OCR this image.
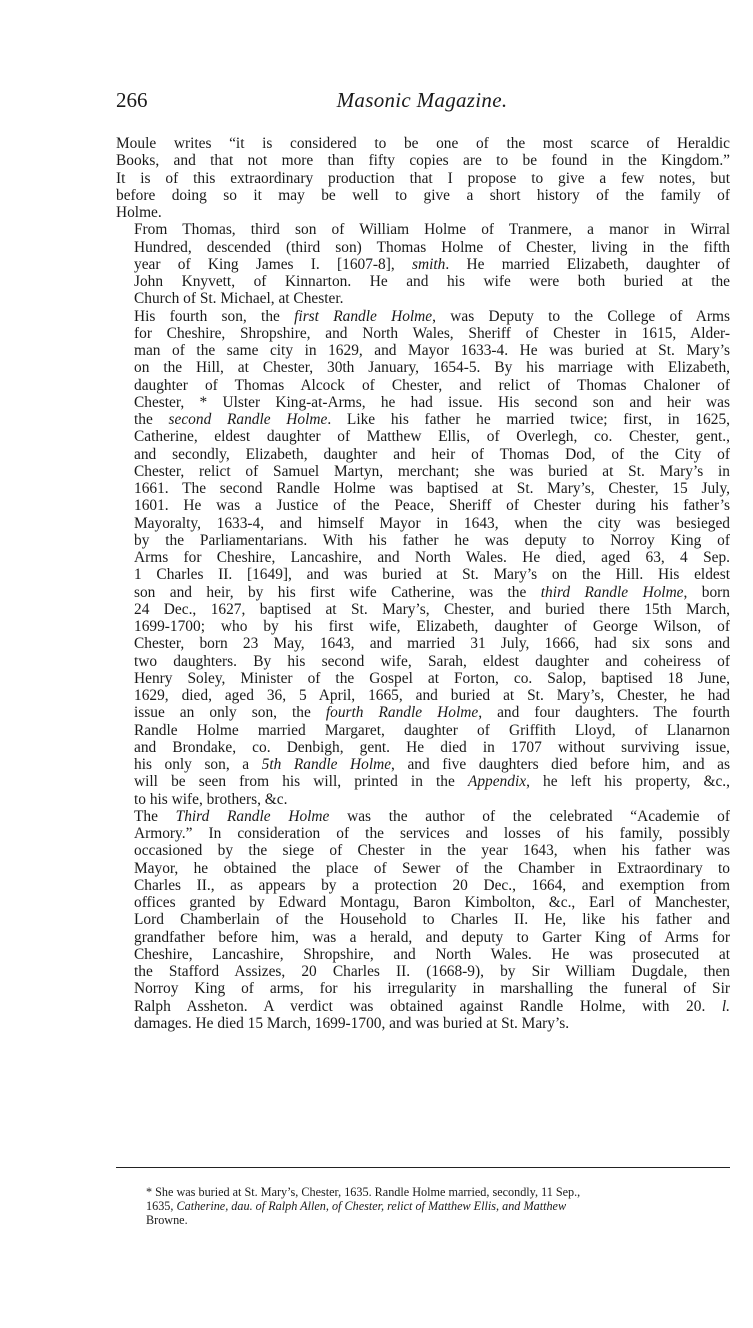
266	Masonic Magazine.

Moule writes “it is considered to be one of the most scarce of Heraldic
Books, and that not more than fifty copies are to be found in the Kingdom.”
It is of this extraordinary production that I propose to give a few notes, but
before doing so it may be well to give a short history of the family of
Holme.

From Thomas, third son of William Holme of Tranmere, a manor in Wirral
Hundred, descended (third son) Thomas Holme of Chester, living in the fifth
year of King James I. [1607-8], smith. He married Elizabeth, daughter of
John Knyvett, of Kinnarton. He and his wife were both buried at the
Church of St. Michael, at Chester.

His fourth son, the first Randle Holme, was Deputy to the College of Arms
for Cheshire, Shropshire, and North Wales, Sheriff of Chester in 1615, Alder-
man of the same city in 1629, and Mayor 1633-4. He was buried at St. Mary’s
on the Hill, at Chester, 30th January, 1654-5. By his marriage with Elizabeth,
daughter of Thomas Alcock of Chester, and relict of Thomas Chaloner of
Chester, * Ulster King-at-Arms, he had issue. His second son and heir was
the second Randle Holme. Like his father he married twice; first, in 1625,
Catherine, eldest daughter of Matthew Ellis, of Overlegh, co. Chester, gent.,
and secondly, Elizabeth, daughter and heir of Thomas Dod, of the City of
Chester, relict of Samuel Martyn, merchant; she was buried at St. Mary’s in
1661. The second Randle Holme was baptised at St. Mary’s, Chester, 15 July,
1601. He was a Justice of the Peace, Sheriff of Chester during his father’s
Mayoralty, 1633-4, and himself Mayor in 1643, when the city was besieged
by the Parliamentarians. With his father he was deputy to Norroy King of
Arms for Cheshire, Lancashire, and North Wales. He died, aged 63, 4 Sep.
1 Charles II. [1649], and was buried at St. Mary’s on the Hill. His eldest
son and heir, by his first wife Catherine, was the third Randle Holme, born
24 Dec., 1627, baptised at St. Mary’s, Chester, and buried there 15th March,
1699-1700; who by his first wife, Elizabeth, daughter of George Wilson, of
Chester, born 23 May, 1643, and married 31 July, 1666, had six sons and
two daughters. By his second wife, Sarah, eldest daughter and coheiress of
Henry Soley, Minister of the Gospel at Forton, co. Salop, baptised 18 June,
1629, died, aged 36, 5 April, 1665, and buried at St. Mary’s, Chester, he had
issue an only son, the fourth Randle Holme, and four daughters. The fourth
Randle Holme married Margaret, daughter of Griffith Lloyd, of Llanarnon
and Brondake, co. Denbigh, gent. He died in 1707 without surviving issue,
his only son, a 5th Randle Holme, and five daughters died before him, and as
will be seen from his will, printed in the Appendix, he left his property, &c.,
to his wife, brothers, &c.

The Third Randle Holme was the author of the celebrated “Academie of
Armory.” In consideration of the services and losses of his family, possibly
occasioned by the siege of Chester in the year 1643, when his father was
Mayor, he obtained the place of Sewer of the Chamber in Extraordinary to
Charles II., as appears by a protection 20 Dec., 1664, and exemption from
offices granted by Edward Montagu, Baron Kimbolton, &c., Earl of Manchester,
Lord Chamberlain of the Household to Charles II. He, like his father and
grandfather before him, was a herald, and deputy to Garter King of Arms for
Cheshire, Lancashire, Shropshire, and North Wales. He was prosecuted at
the Stafford Assizes, 20 Charles II. (1668-9), by Sir William Dugdale, then
Norroy King of arms, for his irregularity in marshalling the funeral of Sir
Ralph Assheton. A verdict was obtained against Randle Holme, with 20. l.
damages. He died 15 March, 1699-1700, and was buried at St. Mary’s.

* She was buried at St. Mary’s, Chester, 1635. Randle Holme married, secondly, 11 Sep.,
1635, Catherine, dau. of Ralph Allen, of Chester, relict of Matthew Ellis, and Matthew
Browne.
